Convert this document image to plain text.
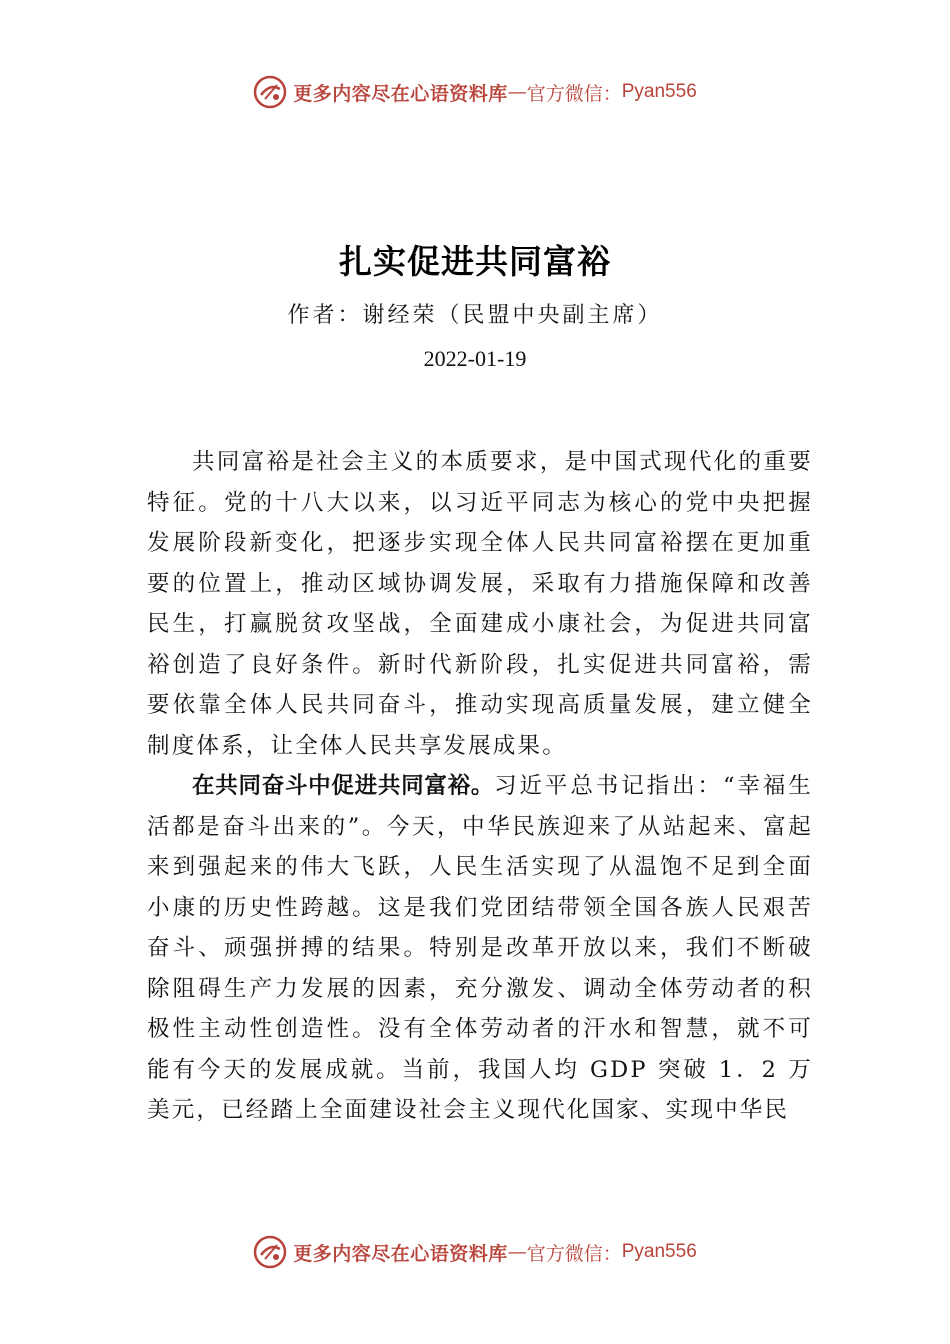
更多内容尽在心语资料库 — 官方微信： Pyan556
扎实促进共同富裕
作者：谢经荣（民盟中央副主席）
2022-01-19

共同富裕是社会主义的本质要求，是中国式现代化的重要特征。党的十八大以来，以习近平同志为核心的党中央把握发展阶段新变化，把逐步实现全体人民共同富裕摆在更加重要的位置上，推动区域协调发展，采取有力措施保障和改善民生，打赢脱贫攻坚战，全面建成小康社会，为促进共同富裕创造了良好条件。新时代新阶段，扎实促进共同富裕，需要依靠全体人民共同奋斗，推动实现高质量发展，建立健全制度体系，让全体人民共享发展成果。

在共同奋斗中促进共同富裕。习近平总书记指出：“幸福生活都是奋斗出来的”。今天，中华民族迎来了从站起来、富起来到强起来的伟大飞跃，人民生活实现了从温饱不足到全面小康的历史性跨越。这是我们党团结带领全国各族人民艰苦奋斗、顽强拼搏的结果。特别是改革开放以来，我们不断破除阻碍生产力发展的因素，充分激发、调动全体劳动者的积极性主动性创造性。没有全体劳动者的汗水和智慧，就不可能有今天的发展成就。当前，我国人均 GDP 突破 1．2 万美元，已经踏上全面建设社会主义现代化国家、实现中华民

更多内容尽在心语资料库 — 官方微信： Pyan556
